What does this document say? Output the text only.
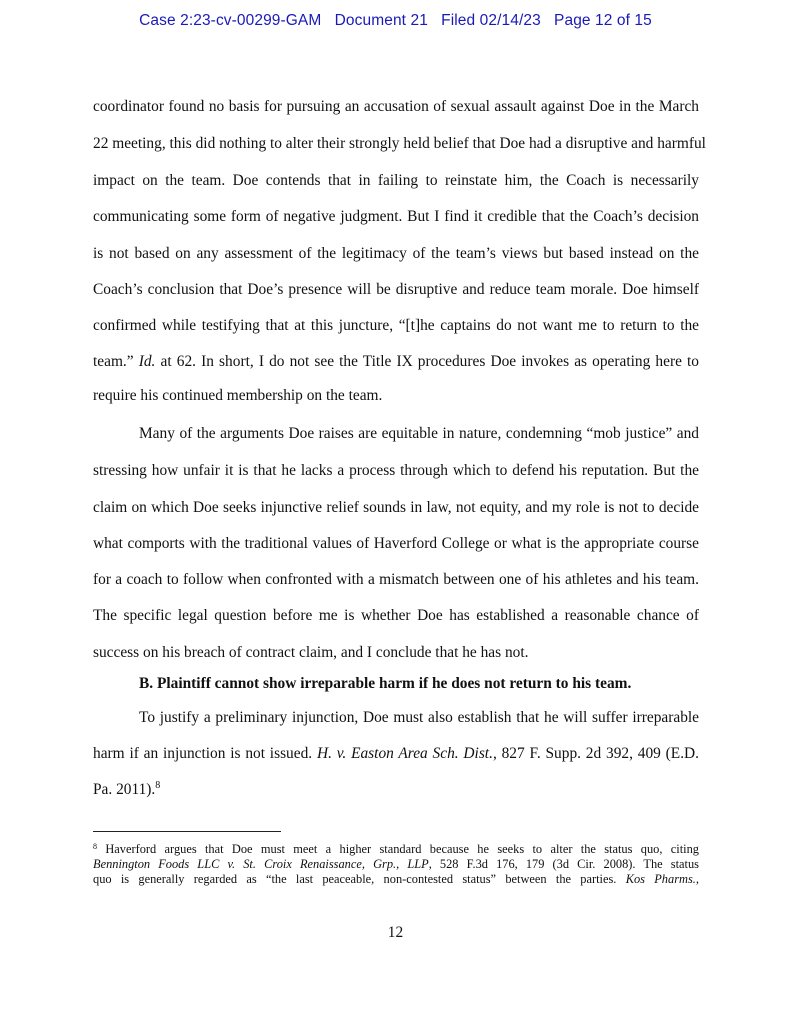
Case 2:23-cv-00299-GAM Document 21 Filed 02/14/23 Page 12 of 15
coordinator found no basis for pursuing an accusation of sexual assault against Doe in the March
22 meeting, this did nothing to alter their strongly held belief that Doe had a disruptive and harmful
impact on the team. Doe contends that in failing to reinstate him, the Coach is necessarily
communicating some form of negative judgment. But I find it credible that the Coach’s decision
is not based on any assessment of the legitimacy of the team’s views but based instead on the
Coach’s conclusion that Doe’s presence will be disruptive and reduce team morale. Doe himself
confirmed while testifying that at this juncture, “[t]he captains do not want me to return to the
team.” Id. at 62. In short, I do not see the Title IX procedures Doe invokes as operating here to
require his continued membership on the team.
Many of the arguments Doe raises are equitable in nature, condemning “mob justice” and
stressing how unfair it is that he lacks a process through which to defend his reputation. But the
claim on which Doe seeks injunctive relief sounds in law, not equity, and my role is not to decide
what comports with the traditional values of Haverford College or what is the appropriate course
for a coach to follow when confronted with a mismatch between one of his athletes and his team.
The specific legal question before me is whether Doe has established a reasonable chance of
success on his breach of contract claim, and I conclude that he has not.
B. Plaintiff cannot show irreparable harm if he does not return to his team.
To justify a preliminary injunction, Doe must also establish that he will suffer irreparable
harm if an injunction is not issued. H. v. Easton Area Sch. Dist., 827 F. Supp. 2d 392, 409 (E.D.
Pa. 2011).$^8$
$^8$ Haverford argues that Doe must meet a higher standard because he seeks to alter the status quo, citing
Bennington Foods LLC v. St. Croix Renaissance, Grp., LLP, 528 F.3d 176, 179 (3d Cir. 2008). The status
quo is generally regarded as “the last peaceable, non-contested status” between the parties. Kos Pharms.,
12
